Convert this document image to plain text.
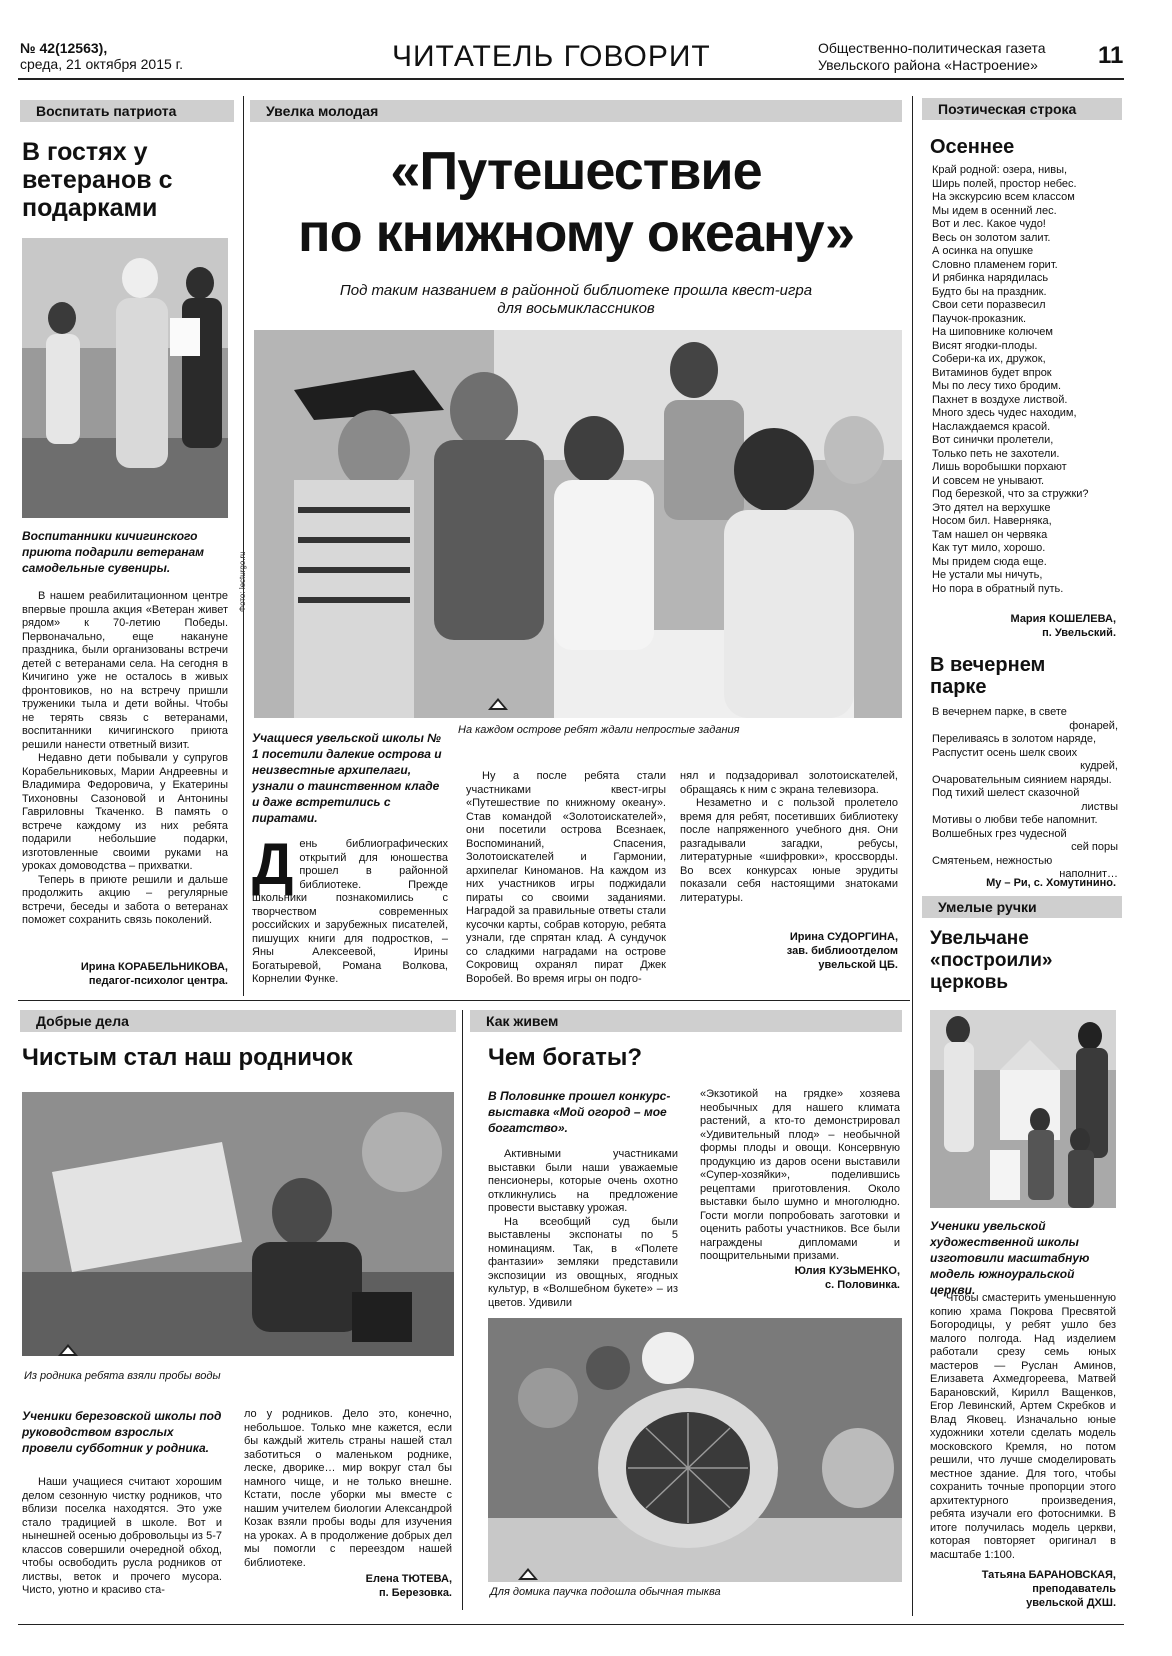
№ 42(12563),
среда, 21 октября 2015 г.	ЧИТАТЕЛЬ ГОВОРИТ	Общественно-политическая газета
Увельского района «Настроение»	11
Воспитать патриота
В гостях у ветеранов с подарками
Воспитанники кичигинского приюта подарили ветеранам самодельные сувениры.

В нашем реабилитационном центре впервые прошла акция «Ветеран живет рядом» к 70-летию Победы. Первоначально, еще накануне праздника, были организованы встречи детей с ветеранами села. На сегодня в Кичигино уже не осталось в живых фронтовиков, но на встречу пришли труженики тыла и дети войны. Чтобы не терять связь с ветеранами, воспитанники кичигинского приюта решили нанести ответный визит.

Недавно дети побывали у супругов Корабельниковых, Марии Андреевны и Владимира Федоровича, у Екатерины Тихоновны Сазоновой и Антонины Гавриловны Ткаченко. В память о встрече каждому из них ребята подарили небольшие подарки, изготовленные своими руками на уроках домоводства – прихватки.

Теперь в приюте решили и дальше продолжить акцию – регулярные встречи, беседы и забота о ветеранах поможет сохранить связь поколений.

Ирина КОРАБЕЛЬНИКОВА,
педагог-психолог центра.
Увелка молодая
«Путешествие
по книжному океану»
Под таким названием в районной библиотеке прошла квест-игра
для восьмиклассников
Фото: lecturgo.ru
На каждом острове ребят ждали непростые задания
Учащиеся увельской школы № 1 посетили далекие острова и неизвестные архипелаги, узнали о таинственном кладе и даже встретились с пиратами.
День библиографических открытий для юношества прошел в районной библиотеке. Прежде школьники познакомились с творчеством современных российских и зарубежных писателей, пишущих книги для подростков, – Яны Алексеевой, Ирины Богатыревой, Романа Волкова, Корнелии Функе.

Ну а после ребята стали участниками квест-игры «Путешествие по книжному океану». Став командой «Золотоискателей», они посетили острова Всезнаек, Воспоминаний, Спасения, Золотоискателей и Гармонии, архипелаг Киноманов. На каждом из них участников игры поджидали пираты со своими заданиями. Наградой за правильные ответы стали кусочки карты, собрав которую, ребята узнали, где спрятан клад. А сундучок со сладкими наградами на острове Сокровищ охранял пират Джек Воробей. Во время игры он подго-

нял и подзадоривал золотоискателей, обращаясь к ним с экрана телевизора.

Незаметно и с пользой пролетело время для ребят, посетивших библиотеку после напряженного учебного дня. Они разгадывали загадки, ребусы, литературные «шифровки», кроссворды. Во всех конкурсах юные эрудиты показали себя настоящими знатоками литературы.

Ирина СУДОРГИНА,
зав. библиоотделом
увельской ЦБ.
Поэтическая строка
Осеннее
Край родной: озера, нивы,
Ширь полей, простор небес.
На экскурсию всем классом
Мы идем в осенний лес.
Вот и лес. Какое чудо!
Весь он золотом залит.
А осинка на опушке
Словно пламенем горит.
И рябинка нарядилась
Будто бы на праздник.
Свои сети поразвесил
Паучок-проказник.
На шиповнике колючем
Висят ягодки-плоды.
Собери-ка их, дружок,
Витаминов будет впрок
Мы по лесу тихо бродим.
Пахнет в воздухе листвой.
Много здесь чудес находим,
Наслаждаемся красой.
Вот синички пролетели,
Только петь не захотели.
Лишь воробышки порхают
И совсем не унывают.
Под березкой, что за стружки?
Это дятел на верхушке
Носом бил. Наверняка,
Там нашел он червяка
Как тут мило, хорошо.
Мы придем сюда еще.
Не устали мы ничуть,
Но пора в обратный путь.
Мария КОШЕЛЕВА,
п. Увельский.
В вечернем парке
В вечернем парке, в свете
фонарей,
Переливаясь в золотом наряде,
Распустит осень шелк своих
кудрей,
Очаровательным сиянием наряды.
Под тихий шелест сказочной
листвы
Мотивы о любви тебе напомнит.
Волшебных грез чудесной
сей поры
Смятеньем, нежностью
наполнит…
Му – Ри, с. Хомутинино.
Умелые ручки
Увельчане «построили» церковь
Ученики увельской художественной школы изготовили масштабную модель южноуральской церкви.

Чтобы смастерить уменьшенную копию храма Покрова Пресвятой Богородицы, у ребят ушло без малого полгода. Над изделием работали срезу семь юных мастеров — Руслан Аминов, Елизавета Ахмедгореева, Матвей Барановский, Кирилл Ващенков, Егор Левинский, Артем Скребков и Влад Яковец. Изначально юные художники хотели сделать модель московского Кремля, но потом решили, что лучше смоделировать местное здание. Для того, чтобы сохранить точные пропорции этого архитектурного произведения, ребята изучали его фотоснимки. В итоге получилась модель церкви, которая повторяет оригинал в масштабе 1:100.

Татьяна БАРАНОВСКАЯ,
преподаватель
увельской ДХШ.
Добрые дела
Чистым стал наш родничок
Из родника ребята взяли пробы воды
Ученики березовской школы под руководством взрослых провели субботник у родника.

Наши учащиеся считают хорошим делом сезонную чистку родников, что вблизи поселка находятся. Это уже стало традицией в школе. Вот и нынешней осенью добровольцы из 5-7 классов совершили очередной обход, чтобы освободить русла родников от листвы, веток и прочего мусора. Чисто, уютно и красиво ста-

ло у родников. Дело это, конечно, небольшое. Только мне кажется, если бы каждый житель страны нашей стал заботиться о маленьком роднике, леске, дворике… мир вокруг стал бы намного чище, и не только внешне. Кстати, после уборки мы вместе с нашим учителем биологии Александрой Козак взяли пробы воды для изучения на уроках. А в продолжение добрых дел мы помогли с переездом нашей библиотеке.

Елена ТЮТЕВА,
п. Березовка.
Как живем
Чем богаты?
В Половинке прошел конкурс-выставка «Мой огород – мое богатство».

Активными участниками выставки были наши уважаемые пенсионеры, которые очень охотно откликнулись на предложение провести выставку урожая.

На всеобщий суд были выставлены экспонаты по 5 номинациям. Так, в «Полете фантазии» земляки представили экспозиции из овощных, ягодных культур, в «Волшебном букете» – из цветов. Удивили

«Экзотикой на грядке» хозяева необычных для нашего климата растений, а кто-то демонстрировал «Удивительный плод» – необычной формы плоды и овощи. Консервную продукцию из даров осени выставили «Супер-хозяйки», поделившись рецептами приготовления. Около выставки было шумно и многолюдно. Гости могли попробовать заготовки и оценить работы участников. Все были награждены дипломами и поощрительными призами.

Юлия КУЗЬМЕНКО,
с. Половинка.
Для домика паучка подошла обычная тыква
